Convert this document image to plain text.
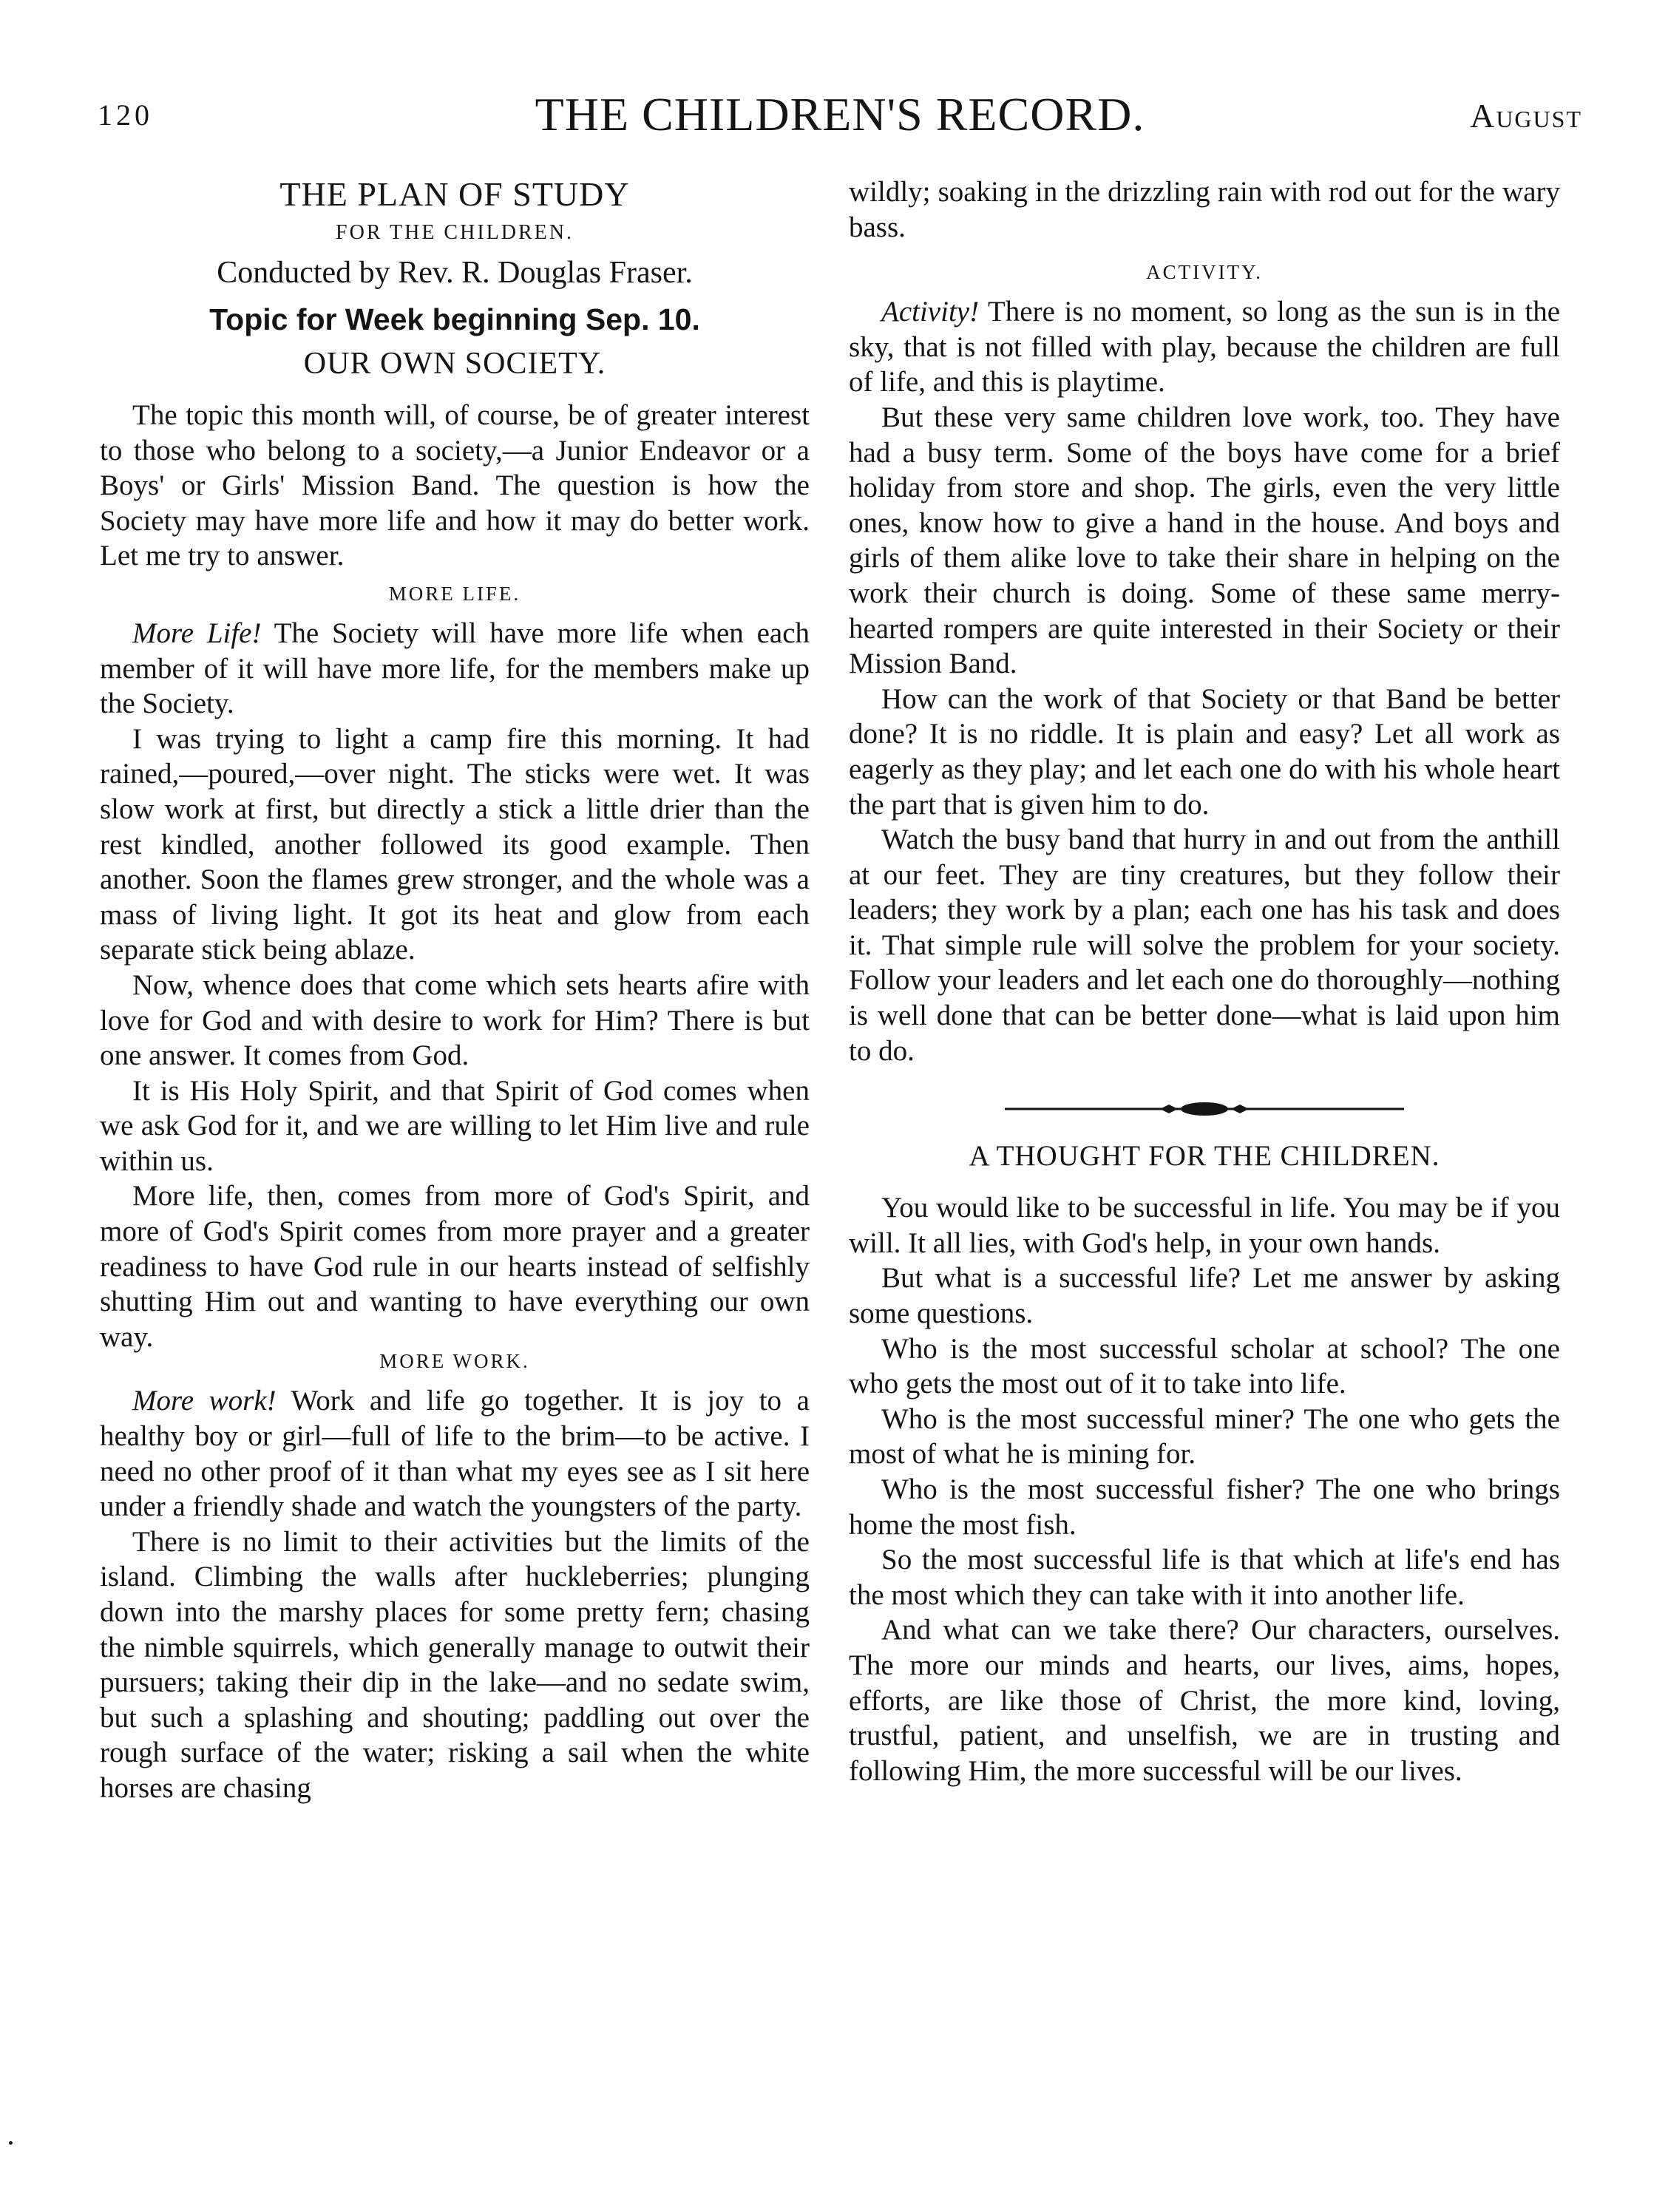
120	THE CHILDREN'S RECORD.	August
THE PLAN OF STUDY
FOR THE CHILDREN.
Conducted by Rev. R. Douglas Fraser.
Topic for Week beginning Sep. 10.
OUR OWN SOCIETY.

The topic this month will, of course, be of greater interest to those who belong to a society,—a Junior Endeavor or a Boys' or Girls' Mission Band. The question is how the Society may have more life and how it may do better work. Let me try to answer.

MORE LIFE.

More Life! The Society will have more life when each member of it will have more life, for the members make up the Society.

I was trying to light a camp fire this morning. It had rained,—poured,—over night. The sticks were wet. It was slow work at first, but directly a stick a little drier than the rest kindled, another followed its good example. Then another. Soon the flames grew stronger, and the whole was a mass of living light. It got its heat and glow from each separate stick being ablaze.

Now, whence does that come which sets hearts afire with love for God and with desire to work for Him? There is but one answer. It comes from God.

It is His Holy Spirit, and that Spirit of God comes when we ask God for it, and we are willing to let Him live and rule within us.

More life, then, comes from more of God's Spirit, and more of God's Spirit comes from more prayer and a greater readiness to have God rule in our hearts instead of selfishly shutting Him out and wanting to have everything our own way.

MORE WORK.

More work! Work and life go together. It is joy to a healthy boy or girl—full of life to the brim—to be active. I need no other proof of it than what my eyes see as I sit here under a friendly shade and watch the youngsters of the party.

There is no limit to their activities but the limits of the island. Climbing the walls after huckleberries; plunging down into the marshy places for some pretty fern; chasing the nimble squirrels, which generally manage to outwit their pursuers; taking their dip in the lake—and no sedate swim, but such a splashing and shouting; paddling out over the rough surface of the water; risking a sail when the white horses are chasing

wildly; soaking in the drizzling rain with rod out for the wary bass.

ACTIVITY.

Activity! There is no moment, so long as the sun is in the sky, that is not filled with play, because the children are full of life, and this is playtime.

But these very same children love work, too. They have had a busy term. Some of the boys have come for a brief holiday from store and shop. The girls, even the very little ones, know how to give a hand in the house. And boys and girls of them alike love to take their share in helping on the work their church is doing. Some of these same merry-hearted rompers are quite interested in their Society or their Mission Band.

How can the work of that Society or that Band be better done? It is no riddle. It is plain and easy? Let all work as eagerly as they play; and let each one do with his whole heart the part that is given him to do.

Watch the busy band that hurry in and out from the anthill at our feet. They are tiny creatures, but they follow their leaders; they work by a plan; each one has his task and does it. That simple rule will solve the problem for your society. Follow your leaders and let each one do thoroughly—nothing is well done that can be better done—what is laid upon him to do.

A THOUGHT FOR THE CHILDREN.

You would like to be successful in life. You may be if you will. It all lies, with God's help, in your own hands.

But what is a successful life? Let me answer by asking some questions.

Who is the most successful scholar at school? The one who gets the most out of it to take into life.

Who is the most successful miner? The one who gets the most of what he is mining for.

Who is the most successful fisher? The one who brings home the most fish.

So the most successful life is that which at life's end has the most which they can take with it into another life.

And what can we take there? Our characters, ourselves. The more our minds and hearts, our lives, aims, hopes, efforts, are like those of Christ, the more kind, loving, trustful, patient, and unselfish, we are in trusting and following Him, the more successful will be our lives.
